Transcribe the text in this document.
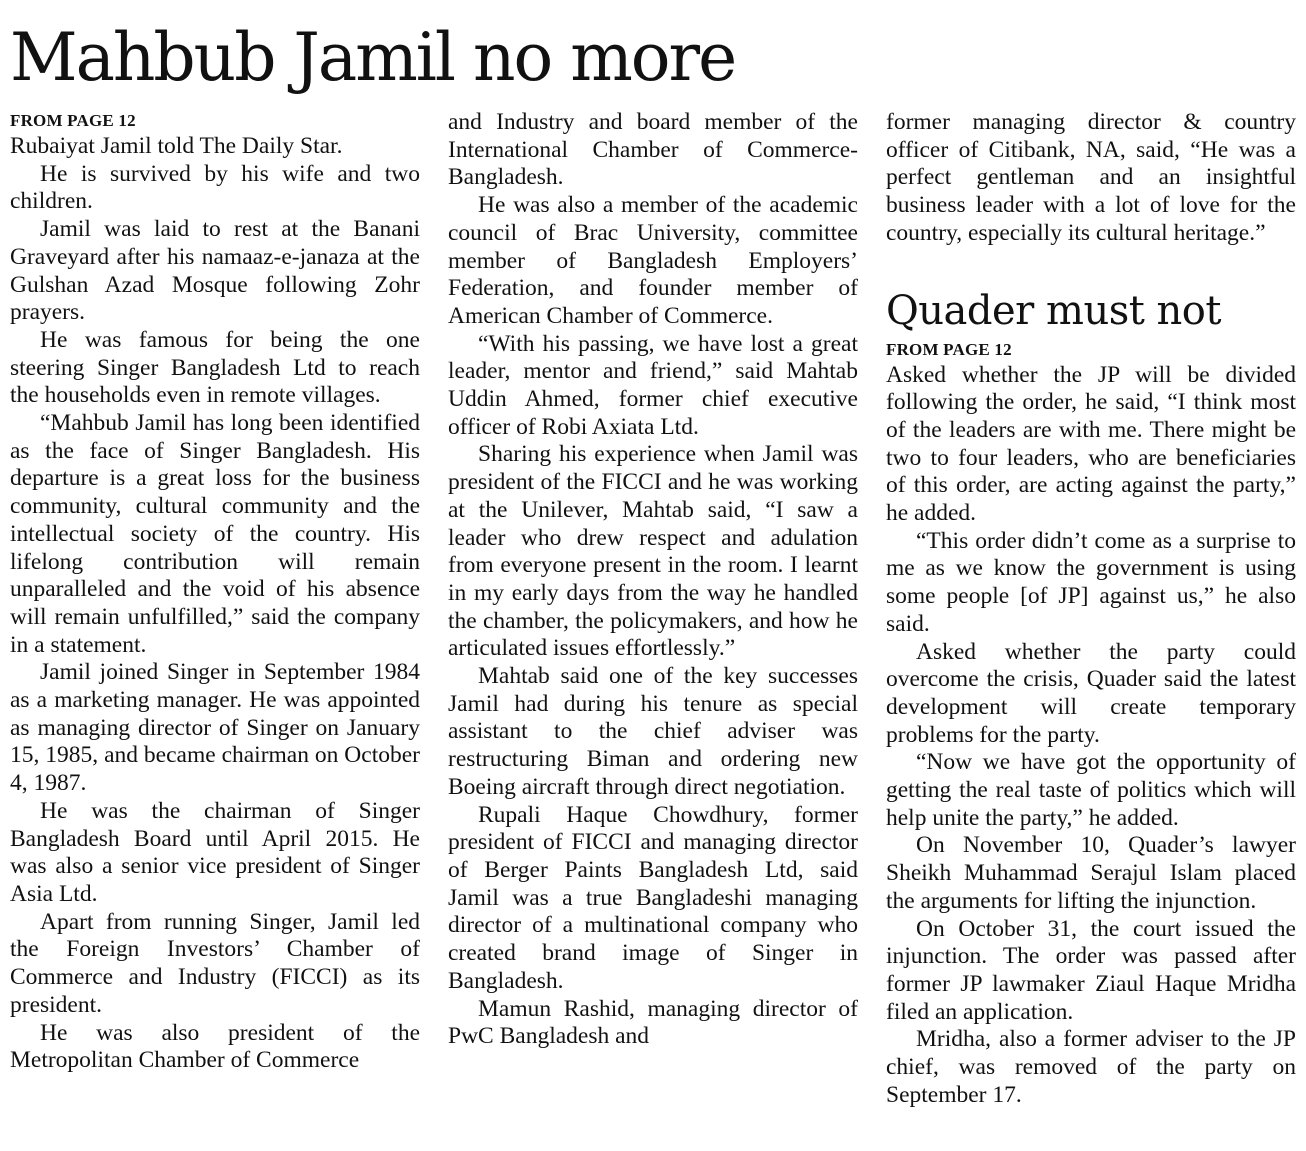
Mahbub Jamil no more
FROM PAGE 12

Rubaiyat Jamil told The Daily Star.

He is survived by his wife and two children.

Jamil was laid to rest at the Banani Graveyard after his namaaz-e-janaza at the Gulshan Azad Mosque following Zohr prayers.

He was famous for being the one steering Singer Bangladesh Ltd to reach the households even in remote villages.

“Mahbub Jamil has long been identified as the face of Singer Bangladesh. His departure is a great loss for the business community, cultural community and the intellectual society of the country. His lifelong contribution will remain unparalleled and the void of his absence will remain unfulfilled,” said the company in a statement.

Jamil joined Singer in September 1984 as a marketing manager. He was appointed as managing director of Singer on January 15, 1985, and became chairman on October 4, 1987.

He was the chairman of Singer Bangladesh Board until April 2015. He was also a senior vice president of Singer Asia Ltd.

Apart from running Singer, Jamil led the Foreign Investors’ Chamber of Commerce and Industry (FICCI) as its president.

He was also president of the Metropolitan Chamber of Commerce

and Industry and board member of the International Chamber of Commerce-Bangladesh.

He was also a member of the academic council of Brac University, committee member of Bangladesh Employers’ Federation, and founder member of American Chamber of Commerce.

“With his passing, we have lost a great leader, mentor and friend,” said Mahtab Uddin Ahmed, former chief executive officer of Robi Axiata Ltd.

Sharing his experience when Jamil was president of the FICCI and he was working at the Unilever, Mahtab said, “I saw a leader who drew respect and adulation from everyone present in the room. I learnt in my early days from the way he handled the chamber, the policymakers, and how he articulated issues effortlessly.”

Mahtab said one of the key successes Jamil had during his tenure as special assistant to the chief adviser was restructuring Biman and ordering new Boeing aircraft through direct negotiation.

Rupali Haque Chowdhury, former president of FICCI and managing director of Berger Paints Bangladesh Ltd, said Jamil was a true Bangladeshi managing director of a multinational company who created brand image of Singer in Bangladesh.

Mamun Rashid, managing director of PwC Bangladesh and

former managing director & country officer of Citibank, NA, said, “He was a perfect gentleman and an insightful business leader with a lot of love for the country, especially its cultural heritage.”

Quader must not
FROM PAGE 12

Asked whether the JP will be divided following the order, he said, “I think most of the leaders are with me. There might be two to four leaders, who are beneficiaries of this order, are acting against the party,” he added.

“This order didn’t come as a surprise to me as we know the government is using some people [of JP] against us,” he also said.

Asked whether the party could overcome the crisis, Quader said the latest development will create temporary problems for the party.

“Now we have got the opportunity of getting the real taste of politics which will help unite the party,” he added.

On November 10, Quader’s lawyer Sheikh Muhammad Serajul Islam placed the arguments for lifting the injunction.

On October 31, the court issued the injunction. The order was passed after former JP lawmaker Ziaul Haque Mridha filed an application.

Mridha, also a former adviser to the JP chief, was removed of the party on September 17.
